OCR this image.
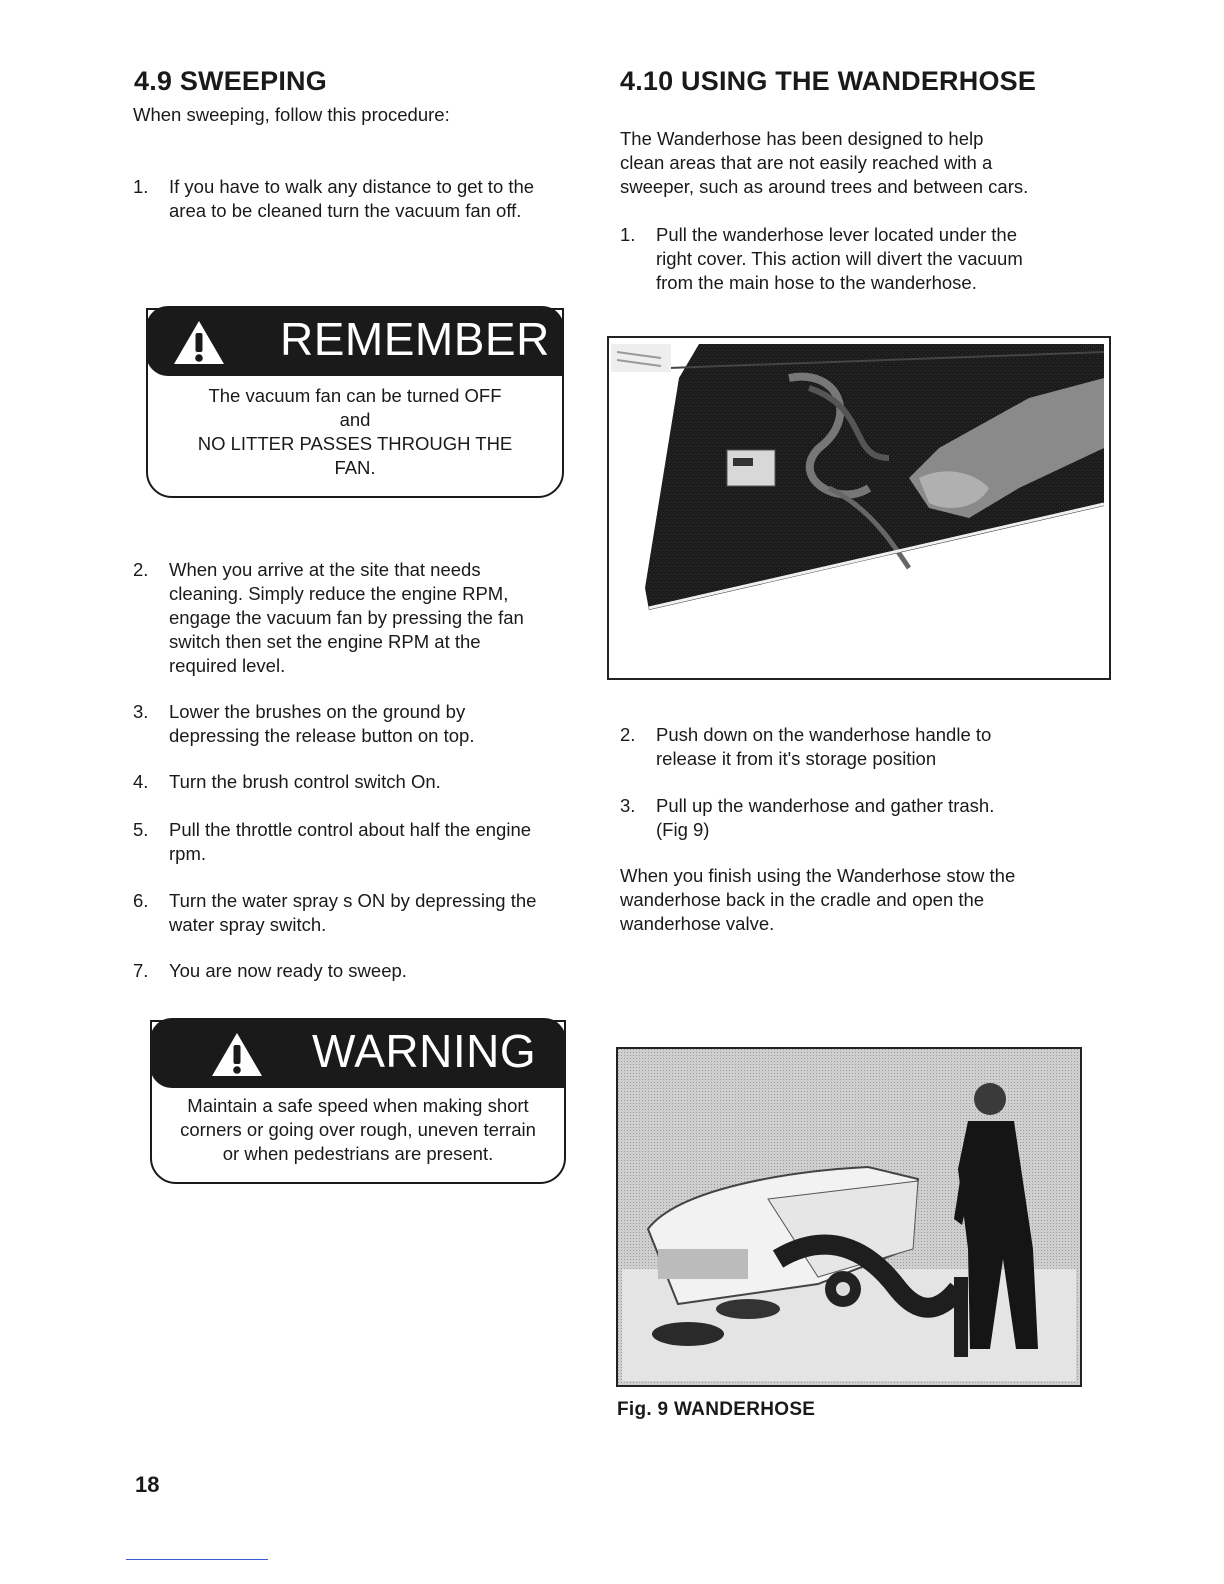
4.9 SWEEPING
When sweeping, follow this procedure:
1. If you have to walk any distance to get to the
area to be cleaned turn the vacuum fan off.
REMEMBER
The vacuum fan can be turned OFF
and
NO LITTER PASSES THROUGH THE
FAN.
2. When you arrive at the site that needs
cleaning. Simply reduce the engine RPM,
engage the vacuum fan by pressing the fan
switch then set the engine RPM at the
required level.
3. Lower the brushes on the ground by
depressing the release button on top.
4. Turn the brush control switch On.
5. Pull the throttle control about half the engine
rpm.
6. Turn the water spray s ON by depressing the
water spray switch.
7. You are now ready to sweep.
WARNING
Maintain a safe speed when making short
corners or going over rough, uneven terrain
or when pedestrians are present.
4.10 USING THE WANDERHOSE
The Wanderhose has been designed to help
clean areas that are not easily reached with a
sweeper, such as around trees and between cars.
1. Pull the wanderhose lever located under the
right cover. This action will divert the vacuum
from the main hose to the wanderhose.
2. Push down on the wanderhose handle to
release it from it's storage position
3. Pull up the wanderhose and gather trash.
(Fig 9)
When you finish using the Wanderhose stow the
wanderhose back in the cradle and open the
wanderhose valve.
Fig. 9 WANDERHOSE
18
